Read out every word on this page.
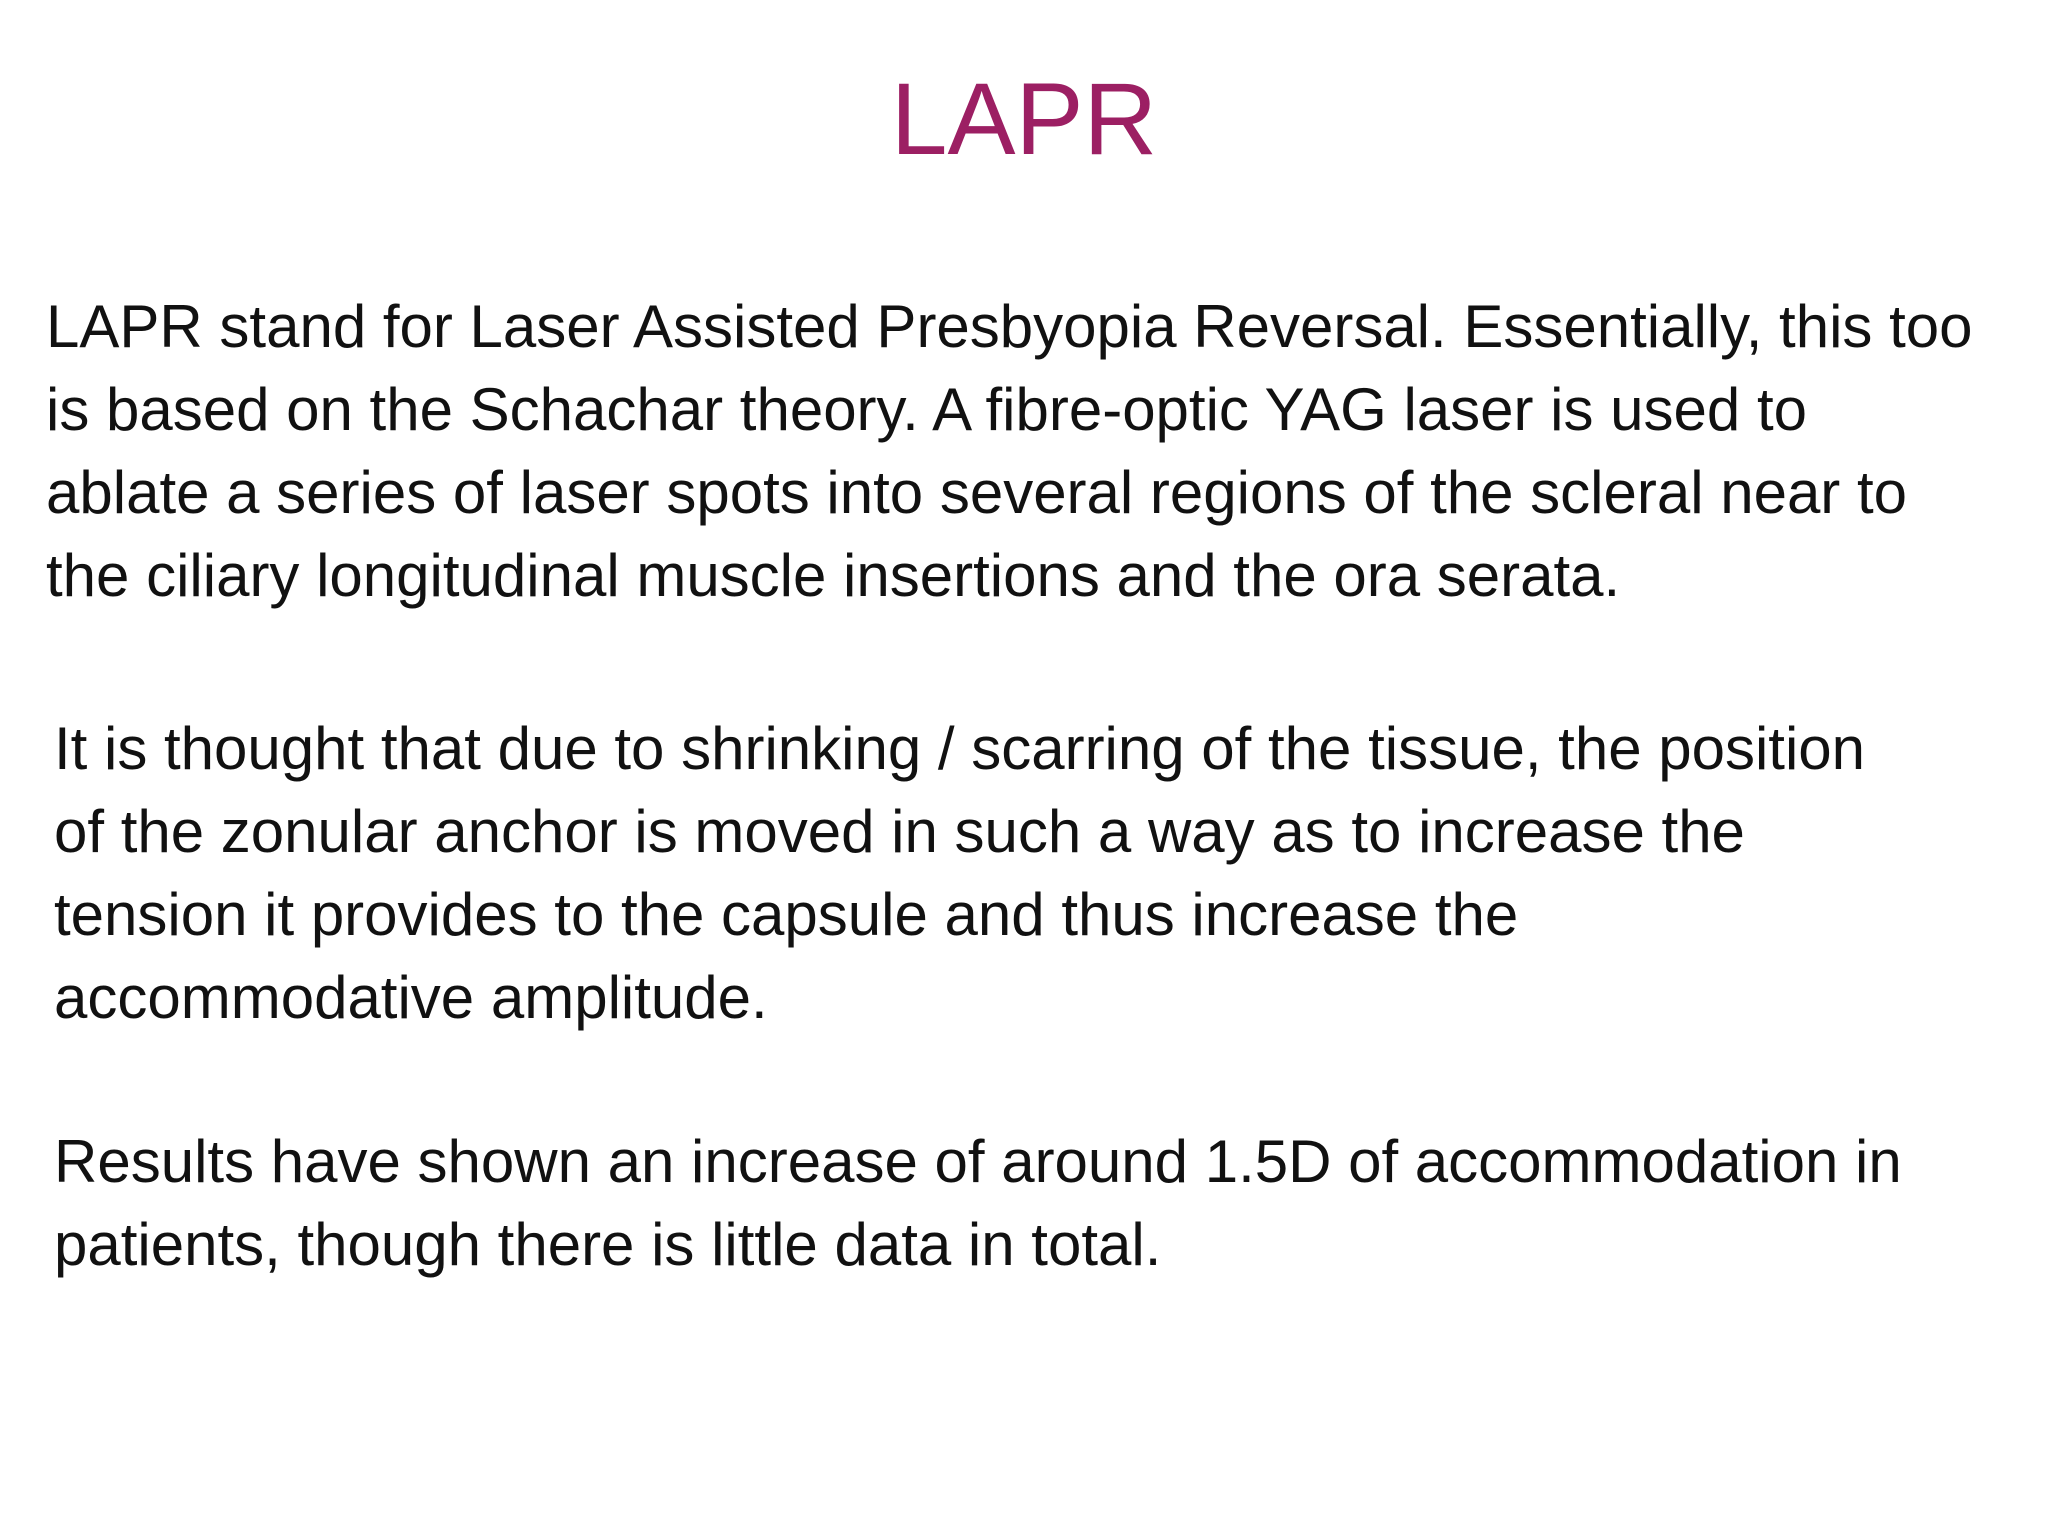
LAPR
LAPR stand for Laser Assisted Presbyopia Reversal. Essentially, this too
is based on the Schachar theory. A fibre-optic YAG laser is used to
ablate a series of laser spots into several regions of the scleral near to
the ciliary longitudinal muscle insertions and the ora serata.
It is thought that due to shrinking / scarring of the tissue, the position
of the zonular anchor is moved in such a way as to increase the
tension it provides to the capsule and thus increase the
accommodative amplitude.
Results have shown an increase of around 1.5D of accommodation in
patients, though there is little data in total.
